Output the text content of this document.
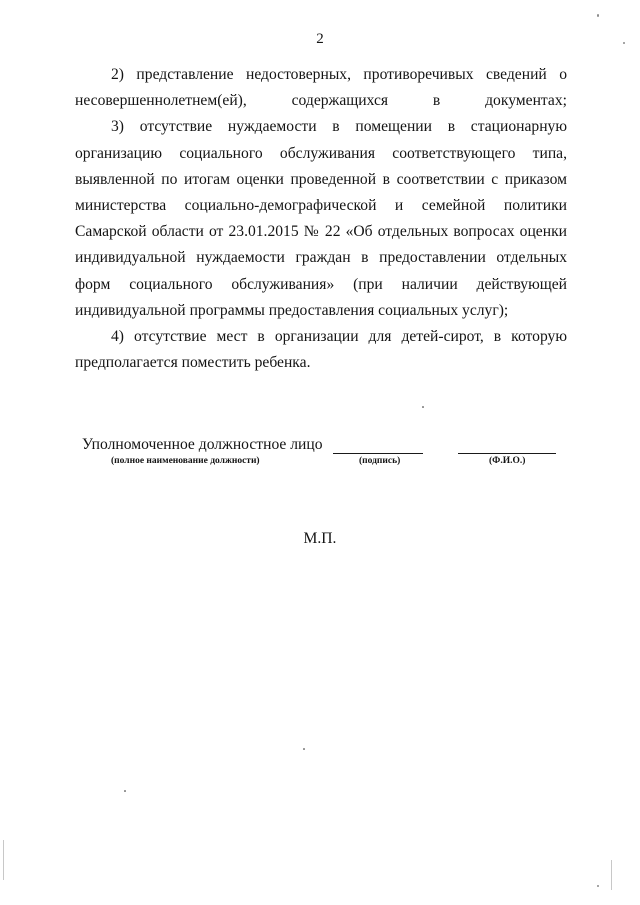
2

2) представление недостоверных, противоречивых сведений о несовершеннолетнем(ей), содержащихся в документах;

3) отсутствие нуждаемости в помещении в стационарную организацию социального обслуживания соответствующего типа, выявленной по итогам оценки проведенной в соответствии с приказом министерства социально-демографической и семейной политики Самарской области от 23.01.2015 № 22 «Об отдельных вопросах оценки индивидуальной нуждаемости граждан в предоставлении отдельных форм социального обслуживания» (при наличии действующей индивидуальной программы предоставления социальных услуг);

4) отсутствие мест в организации для детей-сирот, в которую предполагается поместить ребенка.

Уполномоченное должностное лицо
(полное наименование должности)	(подпись)	(Ф.И.О.)
М.П.
